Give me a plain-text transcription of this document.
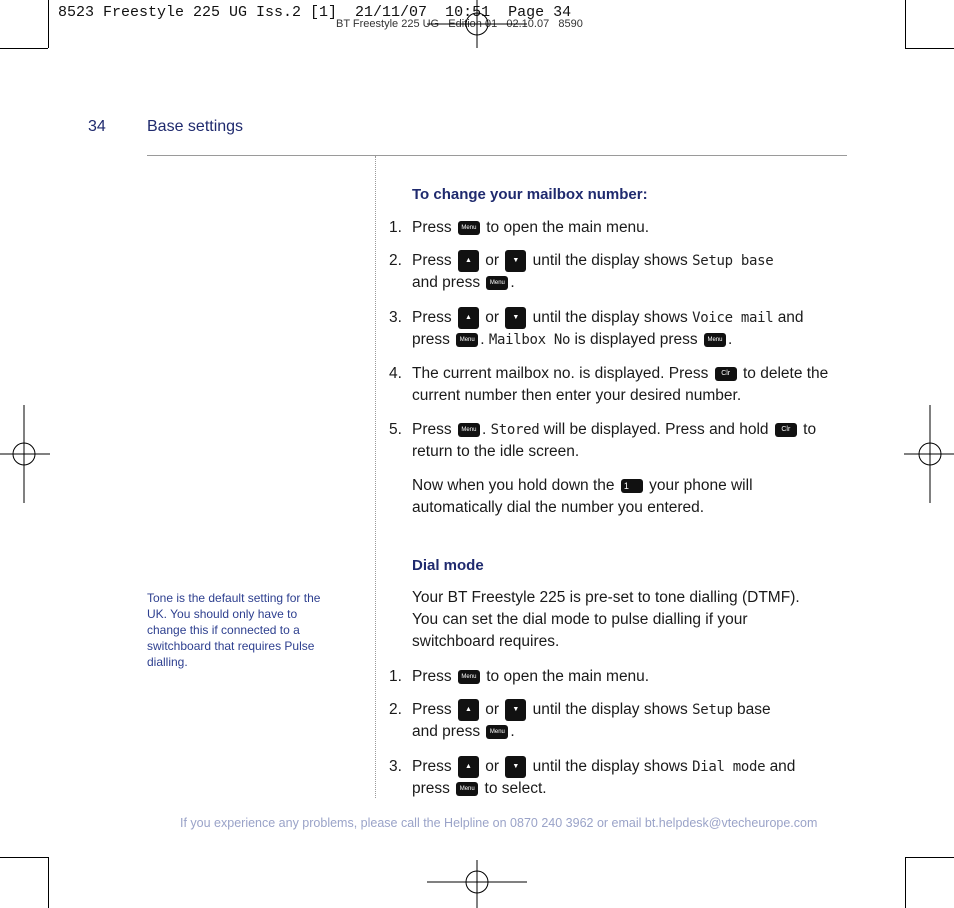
8523 Freestyle 225 UG Iss.2 [1]  21/11/07  10:51  Page 34
BT Freestyle 225 UG   Edition 01   02.10.07   8590
34	Base settings
To change your mailbox number:
1. Press Menu to open the main menu.
2. Press ▲ or ▼ until the display shows Setup base
and press Menu .
3. Press ▲ or ▼ until the display shows Voice mail and
press Menu . Mailbox No is displayed press Menu .
4. The current mailbox no. is displayed. Press Clr to delete the
current number then enter your desired number.
5. Press Menu . Stored will be displayed. Press and hold Clr to
return to the idle screen.
Now when you hold down the 1 your phone will
automatically dial the number you entered.
Dial mode
Your BT Freestyle 225 is pre-set to tone dialling (DTMF).
You can set the dial mode to pulse dialling if your
switchboard requires.
1. Press Menu to open the main menu.
2. Press ▲ or ▼ until the display shows Setup base
and press Menu .
3. Press ▲ or ▼ until the display shows Dial mode and
press Menu to select.
Tone is the default setting for the UK. You should only have to change this if connected to a switchboard that requires Pulse dialling.
If you experience any problems, please call the Helpline on 0870 240 3962 or email bt.helpdesk@vtecheurope.com
